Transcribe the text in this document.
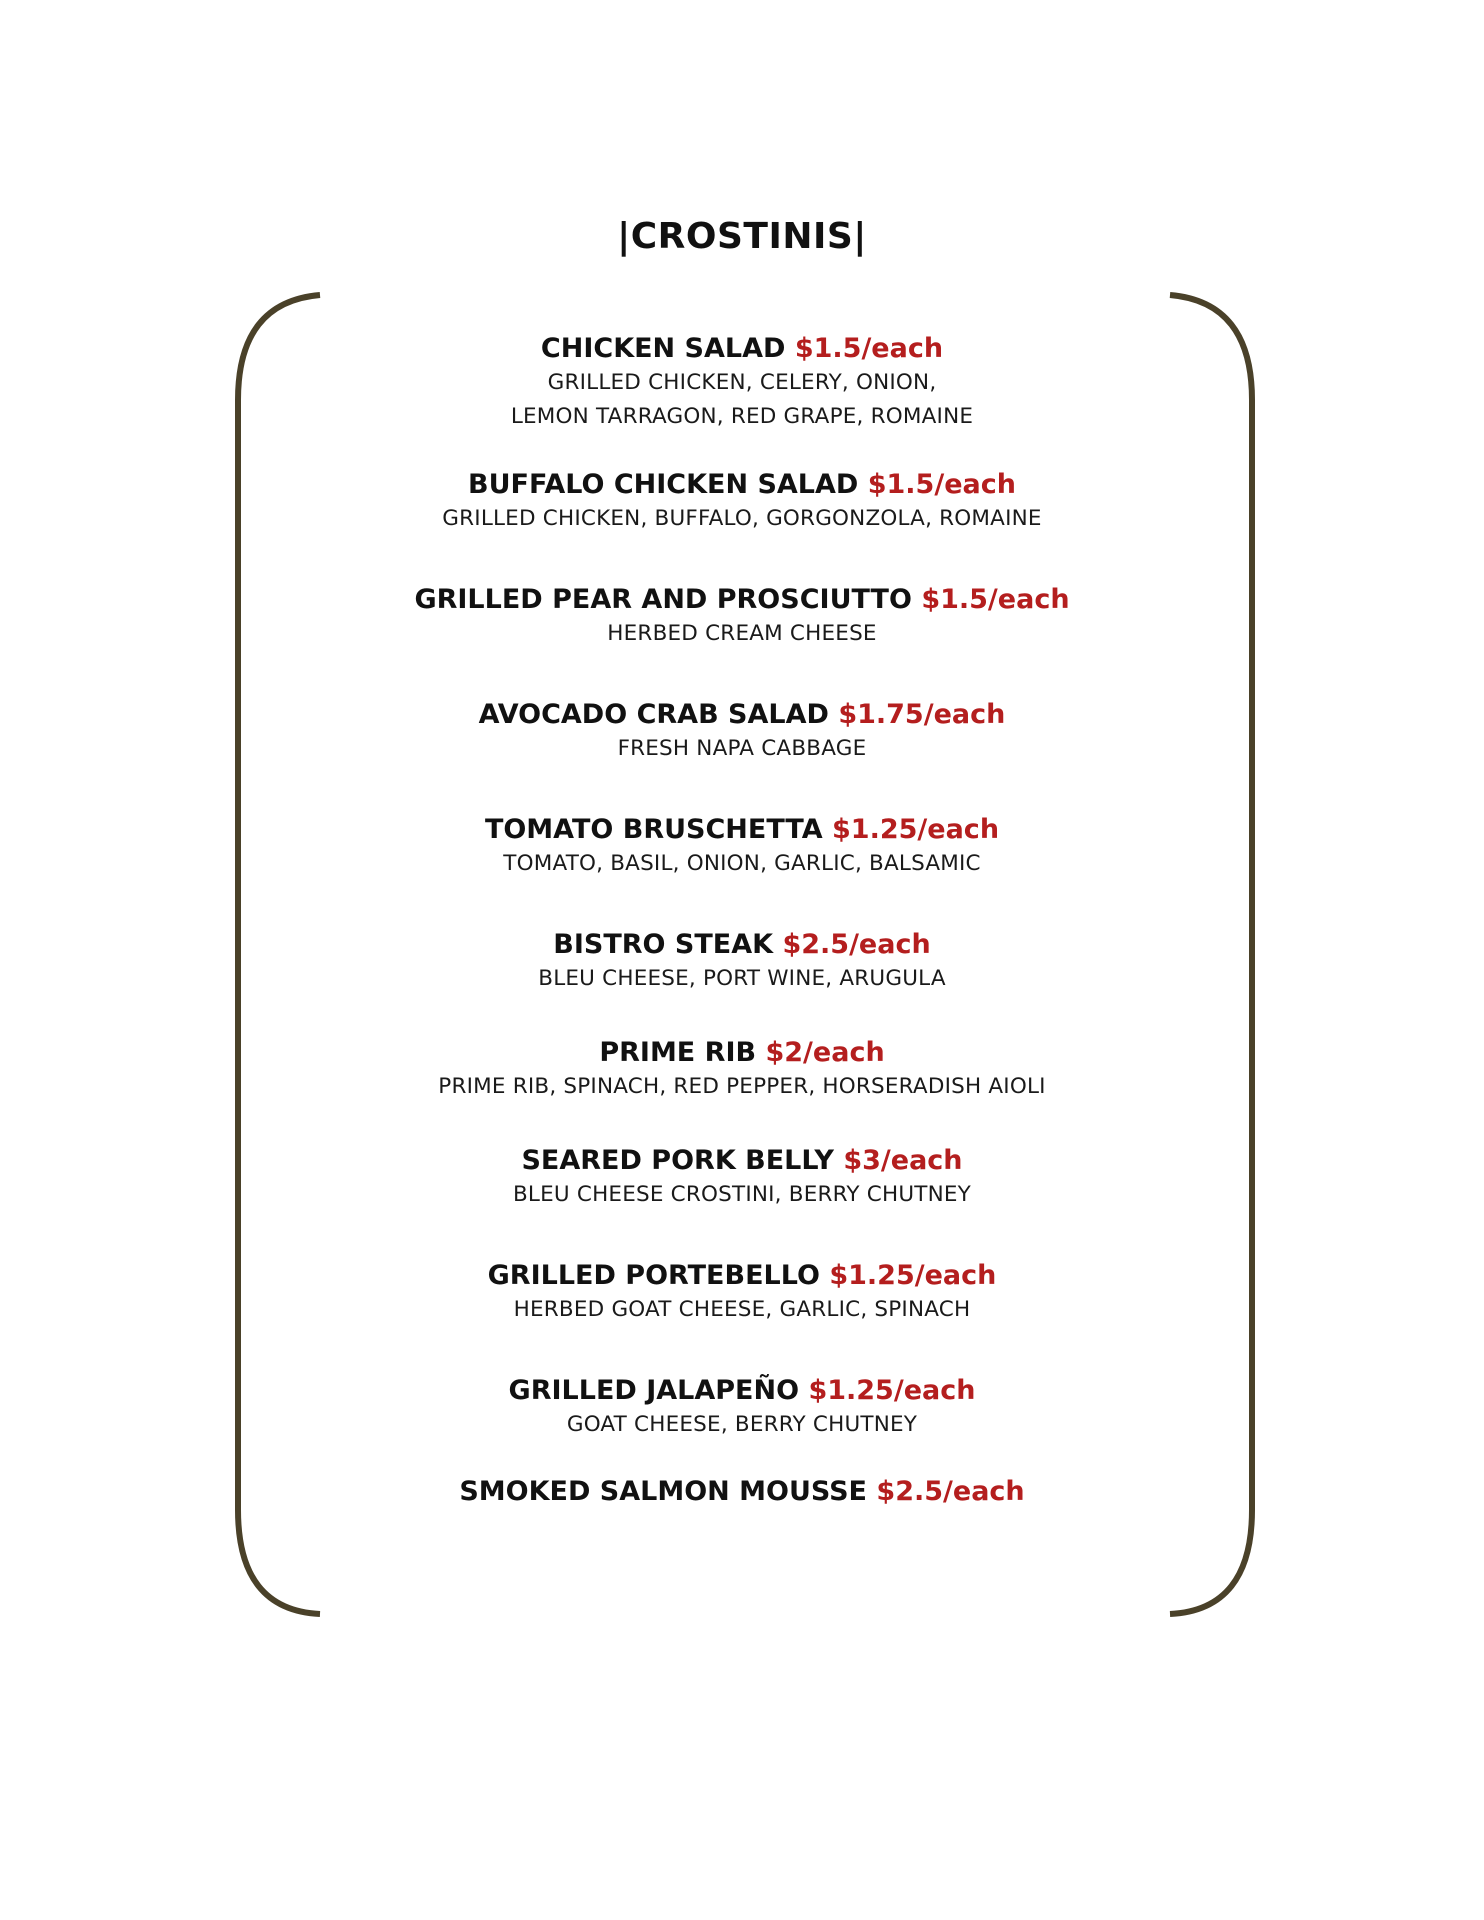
|CROSTINIS|
CHICKEN SALAD $1.5/each
GRILLED CHICKEN, CELERY, ONION,
LEMON TARRAGON, RED GRAPE, ROMAINE
BUFFALO CHICKEN SALAD $1.5/each
GRILLED CHICKEN, BUFFALO, GORGONZOLA, ROMAINE
GRILLED PEAR AND PROSCIUTTO $1.5/each
HERBED CREAM CHEESE
AVOCADO CRAB SALAD $1.75/each
FRESH NAPA CABBAGE
TOMATO BRUSCHETTA $1.25/each
TOMATO, BASIL, ONION, GARLIC, BALSAMIC
BISTRO STEAK $2.5/each
BLEU CHEESE, PORT WINE, ARUGULA
PRIME RIB $2/each
PRIME RIB, SPINACH, RED PEPPER, HORSERADISH AIOLI
SEARED PORK BELLY $3/each
BLEU CHEESE CROSTINI, BERRY CHUTNEY
GRILLED PORTEBELLO $1.25/each
HERBED GOAT CHEESE, GARLIC, SPINACH
GRILLED JALAPEÑO $1.25/each
GOAT CHEESE, BERRY CHUTNEY
SMOKED SALMON MOUSSE $2.5/each
